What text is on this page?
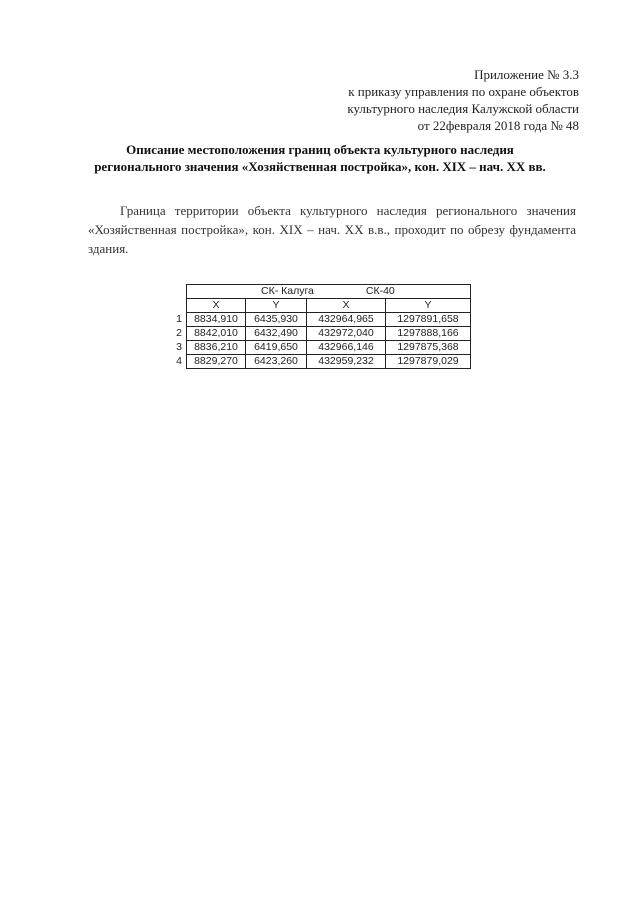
Приложение № 3.3
к приказу управления по охране объектов
культурного наследия Калужской области
от 22февраля 2018 года № 48
Описание местоположения границ объекта культурного наследия
регионального значения «Хозяйственная постройка», кон. XIX – нач. XX вв.

Граница территории объекта культурного наследия регионального значения «Хозяйственная постройка», кон. XIX – нач. XX в.в., проходит по обрезу фундамента здания.

	СК- Калуга СК-40			
	X	Y	X	Y
1	8834,910	6435,930	432964,965	1297891,658
2	8842,010	6432,490	432972,040	1297888,166
3	8836,210	6419,650	432966,146	1297875,368
4	8829,270	6423,260	432959,232	1297879,029
